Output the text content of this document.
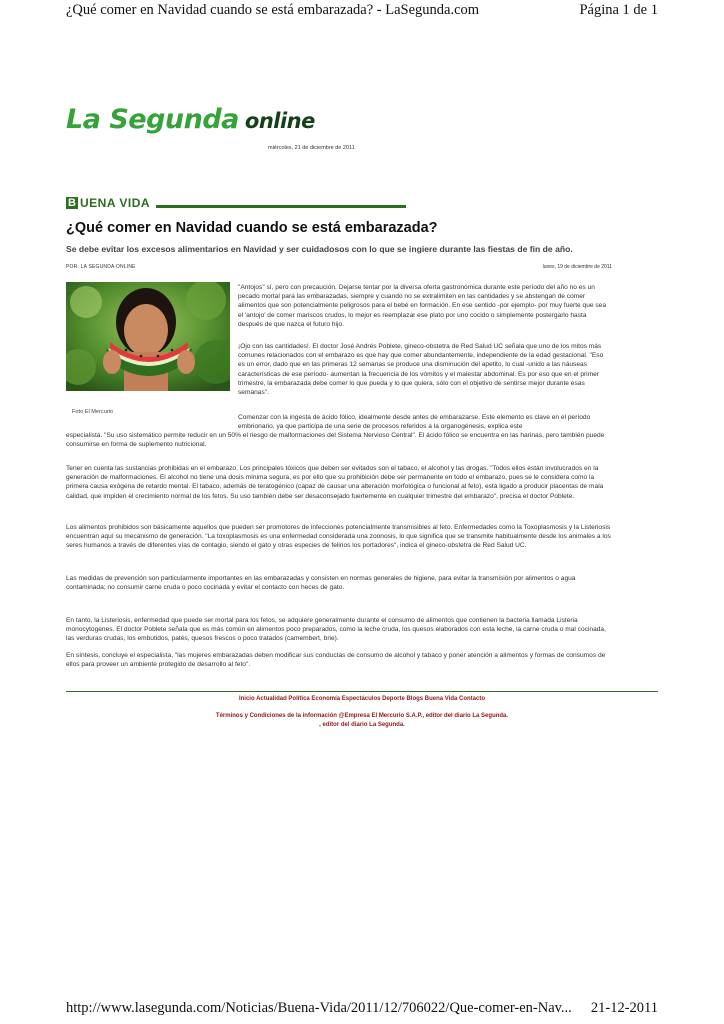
¿Qué comer en Navidad cuando se está embarazada? - LaSegunda.com	Página 1 de 1
La Segunda online
miércoles, 21 de diciembre de 2011
B UENA VIDA
¿Qué comer en Navidad cuando se está embarazada?
Se debe evitar los excesos alimentarios en Navidad y ser cuidadosos con lo que se ingiere durante las fiestas de fin de año.
POR: LA SEGUNDA ONLINE	lunes, 19 de diciembre de 2011
Foto El Mercurio

"Antojos" sí, pero con precaución. Dejarse tentar por la diversa oferta gastronómica durante este período del año no es un pecado mortal para las embarazadas, siempre y cuando no se extralimiten en las cantidades y se abstengan de comer alimentos que son potencialmente peligrosos para el bebé en formación. En ese sentido -por ejemplo- por muy fuerte que sea el 'antojo' de comer mariscos crudos, lo mejor es reemplazar ese plato por uno cocido o simplemente postergarlo hasta después de que nazca el futuro hijo.

¡Ojo con las cantidades!. El doctor José Andrés Poblete, gineco-obstetra de Red Salud UC señala que uno de los mitos más comunes relacionados con el embarazo es que hay que comer abundantemente, independiente de la edad gestacional. "Eso es un error, dado que en las primeras 12 semanas se produce una disminución del apetito, lo cual -unido a las náuseas características de ese período- aumentan la frecuencia de los vómitos y el malestar abdominal. Es por eso que en el primer trimestre, la embarazada debe comer lo que pueda y lo que quiera, sólo con el objetivo de sentirse mejor durante esas semanas".

Comenzar con la ingesta de ácido fólico, idealmente desde antes de embarazarse. Este elemento es clave en el período embrionario, ya que participa de una serie de procesos referidos a la organogénesis, explica este

especialista. "Su uso sistemático permite reducir en un 50% el riesgo de malformaciones del Sistema Nervioso Central". El ácido fólico se encuentra en las harinas, pero también puede consumirse en forma de suplemento nutricional.

Tener en cuenta las sustancias prohibidas en el embarazo. Los principales tóxicos que deben ser evitados son el tabaco, el alcohol y las drogas. "Todos ellos están involucrados en la generación de malformaciones. El alcohol no tiene una dosis mínima segura, es por ello que su prohibición debe ser permanente en todo el embarazo, pues se le considera como la primera causa exógena de retardo mental. El tabaco, además de teratogénico (capaz de causar una alteración morfológica o funcional al feto), está ligado a producir placentas de mala calidad, que impiden el crecimiento normal de los fetos. Su uso también debe ser desaconsejado fuertemente en cualquier trimestre del embarazo", precisa el doctor Poblete.

Los alimentos prohibidos son básicamente aquellos que pueden ser promotores de infecciones potencialmente transmisibles al feto. Enfermedades como la Toxoplasmosis y la Listeriosis encuentran aquí su mecanismo de generación. "La toxoplasmosis es una enfermedad considerada una zoonosis, lo que significa que se transmite habitualmente desde los animales a los seres humanos a través de diferentes vías de contagio, siendo el gato y otras especies de felinos los portadores", indica el gineco-obstetra de Red Salud UC.

Las medidas de prevención son particularmente importantes en las embarazadas y consisten en normas generales de higiene, para evitar la transmisión por alimentos o agua contaminada; no consumir carne cruda o poco cocinada y evitar el contacto con heces de gato.

En tanto, la Listeriosis, enfermedad que puede ser mortal para los fetos, se adquiere generalmente durante el consumo de alimentos que contienen la bacteria llamada Listeria monocytogenes. El doctor Poblete señala que es más común en alimentos poco preparados, como la leche cruda, los quesos elaborados con esta leche, la carne cruda o mal cocinada, las verduras crudas, los embutidos, patés, quesos frescos o poco tratados (camembert, brie).

En síntesis, concluye el especialista, "las mujeres embarazadas deben modificar sus conductas de consumo de alcohol y tabaco y poner atención a alimentos y formas de consumos de ellos para proveer un ambiente protegido de desarrollo al feto".

Inicio Actualidad Política Economía Espectáculos Deporte Blogs Buena Vida Contacto
Términos y Condiciones de la información @Empresa El Mercurio S.A.P., editor del diario La Segunda.
, editor del diario La Segunda.
http://www.lasegunda.com/Noticias/Buena-Vida/2011/12/706022/Que-comer-en-Nav... 21-12-2011
